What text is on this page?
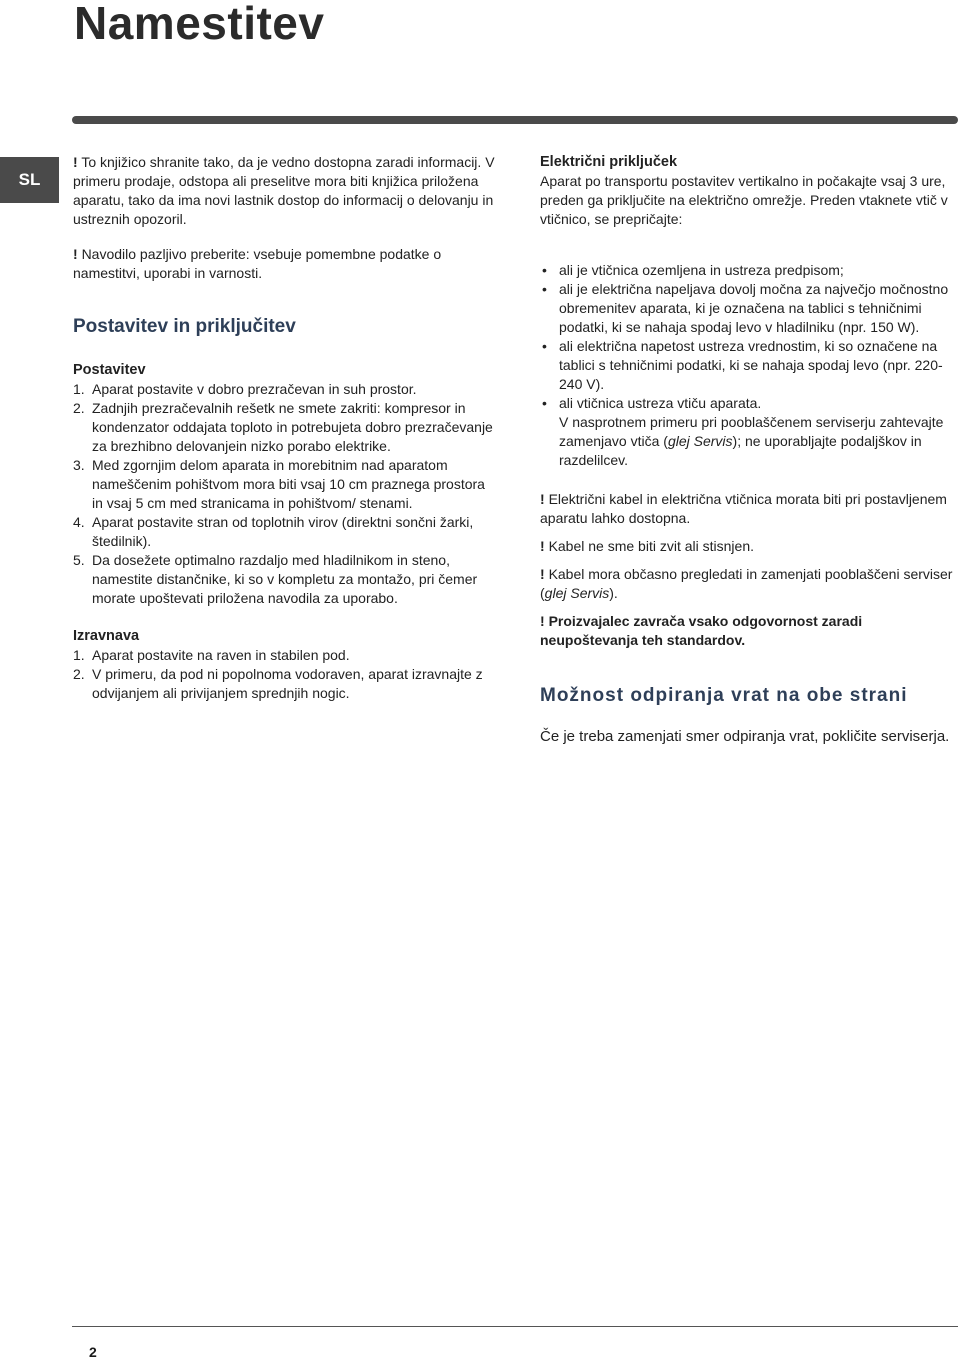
Namestitev
SL

! To knjižico shranite tako, da je vedno dostopna zaradi informacij. V primeru prodaje, odstopa ali preselitve mora biti knjižica priložena aparatu, tako da ima novi lastnik dostop do informacij o delovanju in ustreznih opozoril.

! Navodilo pazljivo preberite: vsebuje pomembne podatke o namestitvi, uporabi in varnosti.

Postavitev in priključitev
Postavitev
1. Aparat postavite v dobro prezračevan in suh prostor.
2. Zadnjih prezračevalnih rešetk ne smete zakriti: kompresor in kondenzator oddajata toploto in potrebujeta dobro prezračevanje za brezhibno delovanjein nizko porabo elektrike.
3. Med zgornjim delom aparata in morebitnim nad aparatom nameščenim pohištvom mora biti vsaj 10 cm praznega prostora in vsaj 5 cm med stranicama in pohištvom/ stenami.
4. Aparat postavite stran od toplotnih virov (direktni sončni žarki, štedilnik).
5. Da dosežete optimalno razdaljo med hladilnikom in steno, namestite distančnike, ki so v kompletu za montažo, pri čemer morate upoštevati priložena navodila za uporabo.
Izravnava
1. Aparat postavite na raven in stabilen pod.
2. V primeru, da pod ni popolnoma vodoraven, aparat izravnajte z odvijanjem ali privijanjem sprednjih nogic.
Električni priključek

Aparat po transportu postavitev vertikalno in počakajte vsaj 3 ure, preden ga priključite na električno omrežje. Preden vtaknete vtič v vtičnico, se prepričajte:

• ali je vtičnica ozemljena in ustreza predpisom;
• ali je električna napeljava dovolj močna za največjo močnostno obremenitev aparata, ki je označena na tablici s tehničnimi podatki, ki se nahaja spodaj levo v hladilniku (npr. 150 W).
• ali električna napetost ustreza vrednostim, ki so označene na tablici s tehničnimi podatki, ki se nahaja spodaj levo (npr. 220-240 V).
• ali vtičnica ustreza vtiču aparata.
V nasprotnem primeru pri pooblaščenem serviserju zahtevajte zamenjavo vtiča (glej Servis); ne uporabljajte podaljškov in razdelilcev.

! Električni kabel in električna vtičnica morata biti pri postavljenem aparatu lahko dostopna.

! Kabel ne sme biti zvit ali stisnjen.

! Kabel mora občasno pregledati in zamenjati pooblaščeni serviser (glej Servis).

! Proizvajalec zavrača vsako odgovornost zaradi neupoštevanja teh standardov.

Možnost odpiranja vrat na obe strani

Če je treba zamenjati smer odpiranja vrat, pokličite serviserja.

2
